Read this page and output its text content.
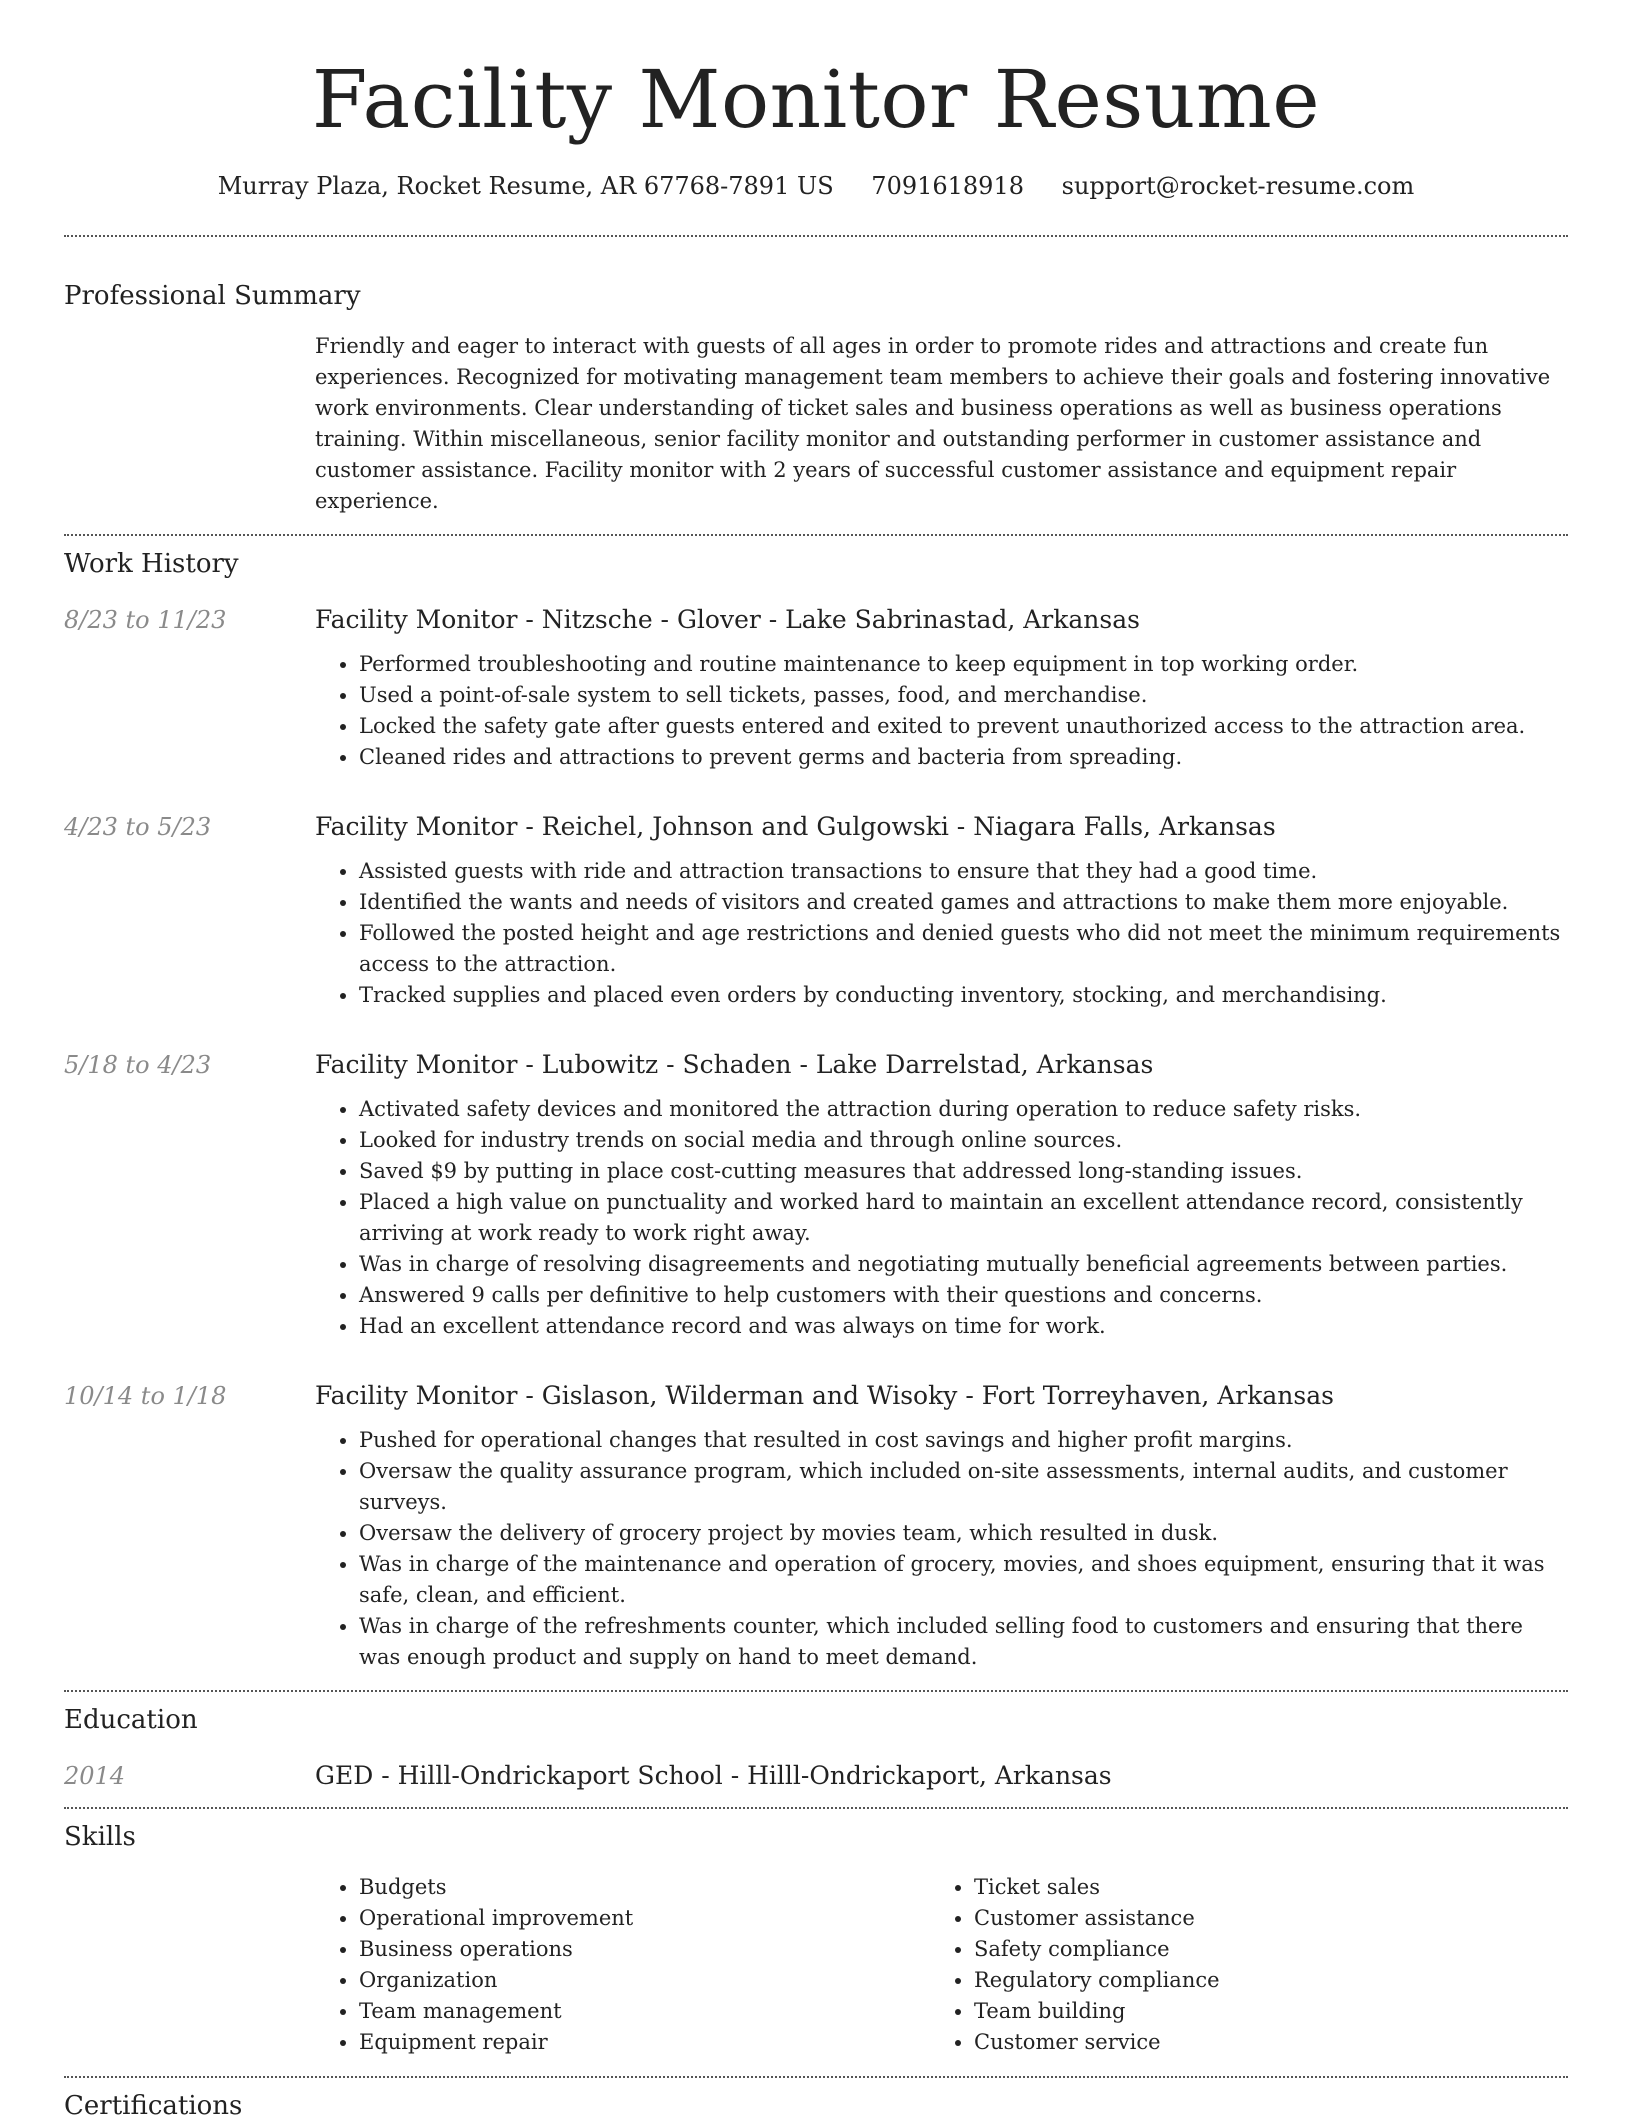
Facility Monitor Resume
Murray Plaza, Rocket Resume, AR 67768-7891 US 7091618918 support@rocket-resume.com
Professional Summary

Friendly and eager to interact with guests of all ages in order to promote rides and attractions and create fun experiences. Recognized for motivating management team members to achieve their goals and fostering innovative work environments. Clear understanding of ticket sales and business operations as well as business operations training. Within miscellaneous, senior facility monitor and outstanding performer in customer assistance and customer assistance. Facility monitor with 2 years of successful customer assistance and equipment repair experience.

Work History
8/23 to 11/23	Facility Monitor - Nitzsche - Glover - Lake Sabrinastad, Arkansas
• Performed troubleshooting and routine maintenance to keep equipment in top working order.
• Used a point-of-sale system to sell tickets, passes, food, and merchandise.
• Locked the safety gate after guests entered and exited to prevent unauthorized access to the attraction area.
• Cleaned rides and attractions to prevent germs and bacteria from spreading.
4/23 to 5/23	Facility Monitor - Reichel, Johnson and Gulgowski - Niagara Falls, Arkansas
• Assisted guests with ride and attraction transactions to ensure that they had a good time.
• Identified the wants and needs of visitors and created games and attractions to make them more enjoyable.
• Followed the posted height and age restrictions and denied guests who did not meet the minimum requirements access to the attraction.
• Tracked supplies and placed even orders by conducting inventory, stocking, and merchandising.
5/18 to 4/23	Facility Monitor - Lubowitz - Schaden - Lake Darrelstad, Arkansas
• Activated safety devices and monitored the attraction during operation to reduce safety risks.
• Looked for industry trends on social media and through online sources.
• Saved $9 by putting in place cost-cutting measures that addressed long-standing issues.
• Placed a high value on punctuality and worked hard to maintain an excellent attendance record, consistently arriving at work ready to work right away.
• Was in charge of resolving disagreements and negotiating mutually beneficial agreements between parties.
• Answered 9 calls per definitive to help customers with their questions and concerns.
• Had an excellent attendance record and was always on time for work.
10/14 to 1/18	Facility Monitor - Gislason, Wilderman and Wisoky - Fort Torreyhaven, Arkansas
• Pushed for operational changes that resulted in cost savings and higher profit margins.
• Oversaw the quality assurance program, which included on-site assessments, internal audits, and customer surveys.
• Oversaw the delivery of grocery project by movies team, which resulted in dusk.
• Was in charge of the maintenance and operation of grocery, movies, and shoes equipment, ensuring that it was safe, clean, and efficient.
• Was in charge of the refreshments counter, which included selling food to customers and ensuring that there was enough product and supply on hand to meet demand.
Education
2014	GED - Hilll-Ondrickaport School - Hilll-Ondrickaport, Arkansas
Skills
• Budgets
• Operational improvement
• Business operations
• Organization
• Team management
• Equipment repair
• Ticket sales
• Customer assistance
• Safety compliance
• Regulatory compliance
• Team building
• Customer service
Certifications
